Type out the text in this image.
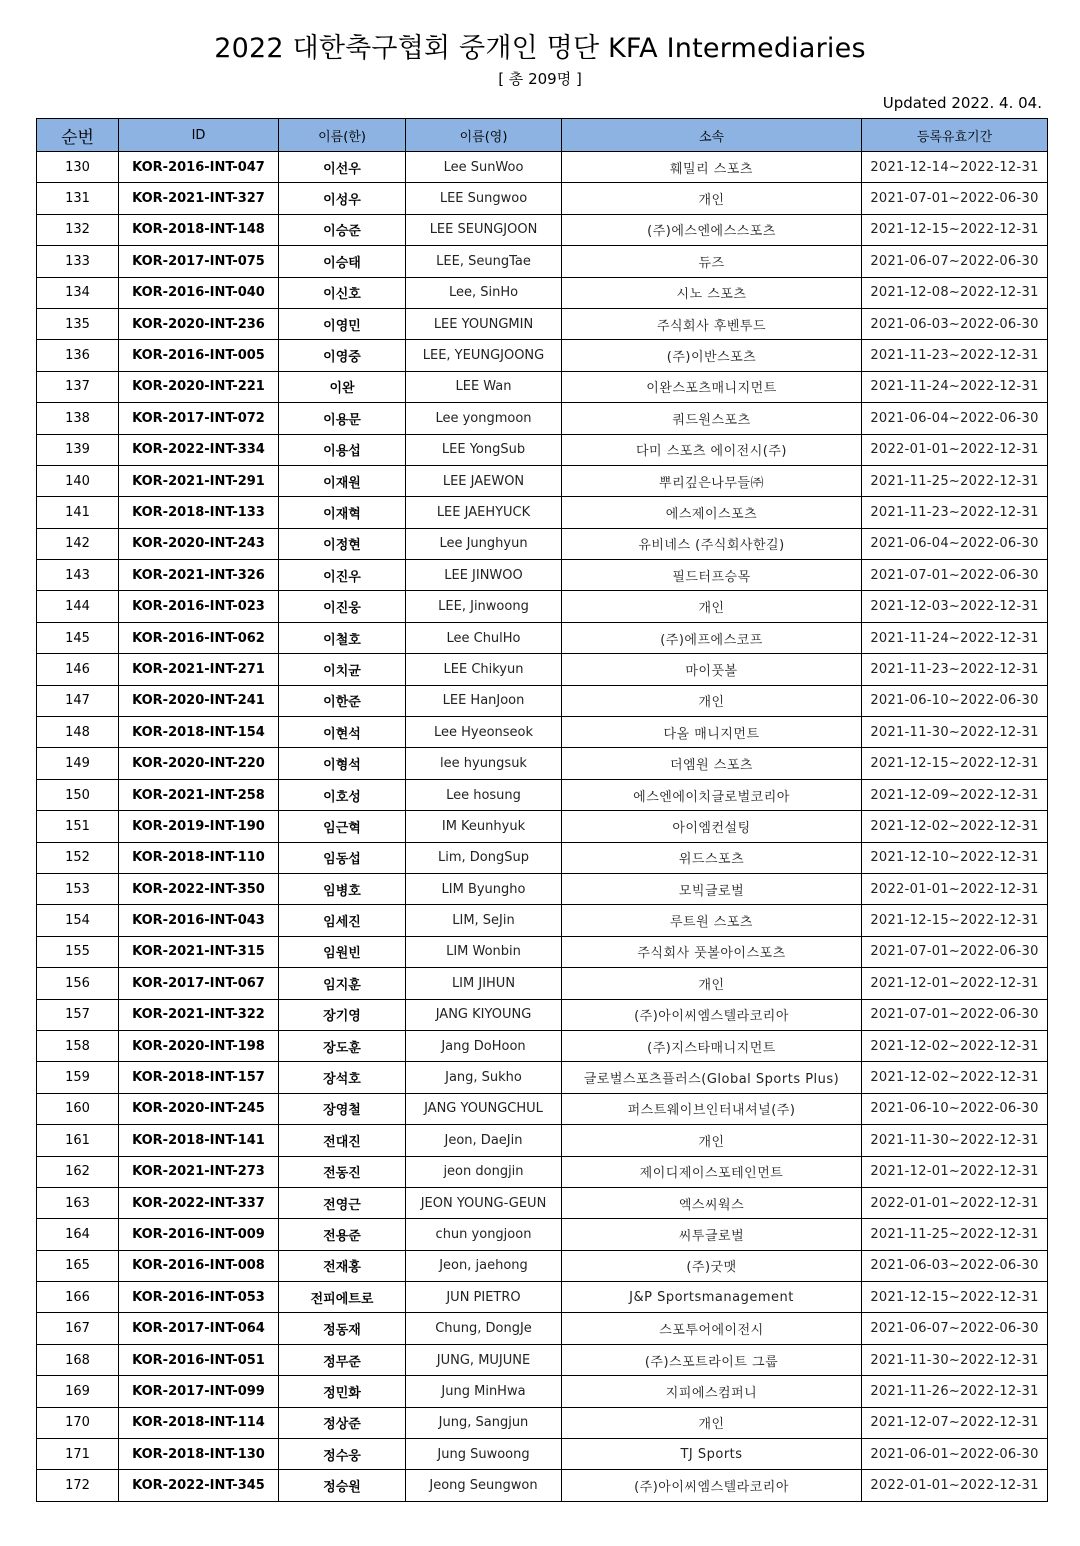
2022 대한축구협회 중개인 명단 KFA Intermediaries
[ 총 209명 ]
Updated 2022. 4. 04.
순번	ID	이름(한)	이름(영)	소속	등록유효기간
130	KOR-2016-INT-047	이선우	Lee SunWoo	훼밀리 스포츠	2021-12-14~2022-12-31
131	KOR-2021-INT-327	이성우	LEE Sungwoo	개인	2021-07-01~2022-06-30
132	KOR-2018-INT-148	이승준	LEE SEUNGJOON	(주)에스엔에스스포츠	2021-12-15~2022-12-31
133	KOR-2017-INT-075	이승태	LEE, SeungTae	듀즈	2021-06-07~2022-06-30
134	KOR-2016-INT-040	이신호	Lee, SinHo	시노 스포츠	2021-12-08~2022-12-31
135	KOR-2020-INT-236	이영민	LEE YOUNGMIN	주식회사 후벤투드	2021-06-03~2022-06-30
136	KOR-2016-INT-005	이영중	LEE, YEUNGJOONG	(주)이반스포츠	2021-11-23~2022-12-31
137	KOR-2020-INT-221	이완	LEE Wan	이완스포츠매니지먼트	2021-11-24~2022-12-31
138	KOR-2017-INT-072	이용문	Lee yongmoon	쿼드원스포츠	2021-06-04~2022-06-30
139	KOR-2022-INT-334	이용섭	LEE YongSub	다미 스포츠 에이전시(주)	2022-01-01~2022-12-31
140	KOR-2021-INT-291	이재원	LEE JAEWON	뿌리깊은나무들㈜	2021-11-25~2022-12-31
141	KOR-2018-INT-133	이재혁	LEE JAEHYUCK	에스제이스포츠	2021-11-23~2022-12-31
142	KOR-2020-INT-243	이정현	Lee Junghyun	유비네스 (주식회사한길)	2021-06-04~2022-06-30
143	KOR-2021-INT-326	이진우	LEE JINWOO	필드터프승목	2021-07-01~2022-06-30
144	KOR-2016-INT-023	이진웅	LEE, Jinwoong	개인	2021-12-03~2022-12-31
145	KOR-2016-INT-062	이철호	Lee ChulHo	(주)에프에스코프	2021-11-24~2022-12-31
146	KOR-2021-INT-271	이치균	LEE Chikyun	마이풋볼	2021-11-23~2022-12-31
147	KOR-2020-INT-241	이한준	LEE HanJoon	개인	2021-06-10~2022-06-30
148	KOR-2018-INT-154	이현석	Lee Hyeonseok	다올 매니지먼트	2021-11-30~2022-12-31
149	KOR-2020-INT-220	이형석	lee hyungsuk	더엠원 스포츠	2021-12-15~2022-12-31
150	KOR-2021-INT-258	이호성	Lee hosung	에스엔에이치글로벌코리아	2021-12-09~2022-12-31
151	KOR-2019-INT-190	임근혁	IM Keunhyuk	아이엠컨설팅	2021-12-02~2022-12-31
152	KOR-2018-INT-110	임동섭	Lim, DongSup	위드스포츠	2021-12-10~2022-12-31
153	KOR-2022-INT-350	임병호	LIM Byungho	모빅글로벌	2022-01-01~2022-12-31
154	KOR-2016-INT-043	임세진	LIM, SeJin	루트원 스포츠	2021-12-15~2022-12-31
155	KOR-2021-INT-315	임원빈	LIM Wonbin	주식회사 풋볼아이스포츠	2021-07-01~2022-06-30
156	KOR-2017-INT-067	임지훈	LIM JIHUN	개인	2021-12-01~2022-12-31
157	KOR-2021-INT-322	장기영	JANG KIYOUNG	(주)아이씨엠스텔라코리아	2021-07-01~2022-06-30
158	KOR-2020-INT-198	장도훈	Jang DoHoon	(주)지스타매니지먼트	2021-12-02~2022-12-31
159	KOR-2018-INT-157	장석호	Jang, Sukho	글로벌스포츠플러스(Global Sports Plus)	2021-12-02~2022-12-31
160	KOR-2020-INT-245	장영철	JANG YOUNGCHUL	퍼스트웨이브인터내셔널(주)	2021-06-10~2022-06-30
161	KOR-2018-INT-141	전대진	Jeon, DaeJin	개인	2021-11-30~2022-12-31
162	KOR-2021-INT-273	전동진	jeon dongjin	제이디제이스포테인먼트	2021-12-01~2022-12-31
163	KOR-2022-INT-337	전영근	JEON YOUNG-GEUN	엑스씨웍스	2022-01-01~2022-12-31
164	KOR-2016-INT-009	전용준	chun yongjoon	씨투글로벌	2021-11-25~2022-12-31
165	KOR-2016-INT-008	전재홍	Jeon, jaehong	(주)굿맷	2021-06-03~2022-06-30
166	KOR-2016-INT-053	전피에트로	JUN PIETRO	J&P Sportsmanagement	2021-12-15~2022-12-31
167	KOR-2017-INT-064	정동재	Chung, DongJe	스포투어에이전시	2021-06-07~2022-06-30
168	KOR-2016-INT-051	정무준	JUNG, MUJUNE	(주)스포트라이트 그룹	2021-11-30~2022-12-31
169	KOR-2017-INT-099	정민화	Jung MinHwa	지피에스컴퍼니	2021-11-26~2022-12-31
170	KOR-2018-INT-114	정상준	Jung, Sangjun	개인	2021-12-07~2022-12-31
171	KOR-2018-INT-130	정수웅	Jung Suwoong	TJ Sports	2021-06-01~2022-06-30
172	KOR-2022-INT-345	정승원	Jeong Seungwon	(주)아이씨엠스텔라코리아	2022-01-01~2022-12-31
